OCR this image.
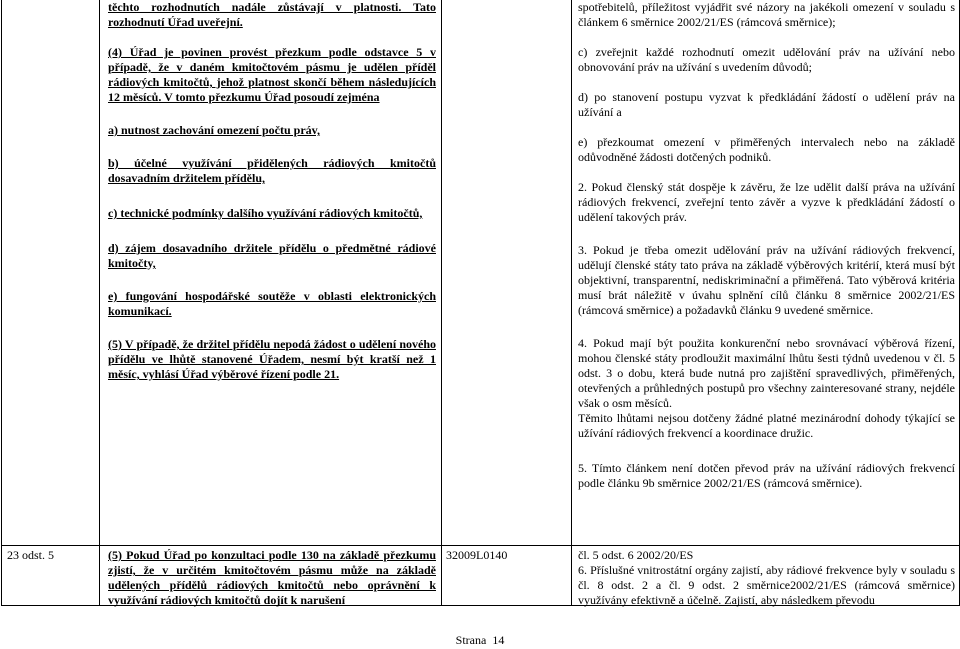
těchto rozhodnutích nadále zůstávají v platnosti. Tato rozhodnutí Úřad uveřejní.

(4) Úřad je povinen provést přezkum podle odstavce 5 v případě, že v daném kmitočtovém pásmu je udělen příděl rádiových kmitočtů, jehož platnost skončí během následujících 12 měsíců. V tomto přezkumu Úřad posoudí zejména

a) nutnost zachování omezení počtu práv,

b) účelné využívání přidělených rádiových kmitočtů dosavadním držitelem přídělu,

c) technické podmínky dalšího využívání rádiových kmitočtů,

d) zájem dosavadního držitele přídělu o předmětné rádiové kmitočty,

e) fungování hospodářské soutěže v oblasti elektronických komunikací.

(5) V případě, že držitel přídělu nepodá žádost o udělení nového přídělu ve lhůtě stanovené Úřadem, nesmí být kratší než 1 měsíc, vyhlásí Úřad výběrové řízení podle 21.

spotřebitelů, příležitost vyjádřit své názory na jakékoli omezení v souladu s článkem 6 směrnice 2002/21/ES (rámcová směrnice);

c) zveřejnit každé rozhodnutí omezit udělování práv na užívání nebo obnovování práv na užívání s uvedením důvodů;

d) po stanovení postupu vyzvat k předkládání žádostí o udělení práv na užívání a

e) přezkoumat omezení v přiměřených intervalech nebo na základě odůvodněné žádosti dotčených podniků.

2. Pokud členský stát dospěje k závěru, že lze udělit další práva na užívání rádiových frekvencí, zveřejní tento závěr a vyzve k předkládání žádostí o udělení takových práv.

3. Pokud je třeba omezit udělování práv na užívání rádiových frekvencí, udělují členské státy tato práva na základě výběrových kritérií, která musí být objektivní, transparentní, nediskriminační a přiměřená. Tato výběrová kritéria musí brát náležitě v úvahu splnění cílů článku 8 směrnice 2002/21/ES (rámcová směrnice) a požadavků článku 9 uvedené směrnice.

4. Pokud mají být použita konkurenční nebo srovnávací výběrová řízení, mohou členské státy prodloužit maximální lhůtu šesti týdnů uvedenou v čl. 5 odst. 3 o dobu, která bude nutná pro zajištění spravedlivých, přiměřených, otevřených a průhledných postupů pro všechny zainteresované strany, nejdéle však o osm měsíců.

Těmito lhůtami nejsou dotčeny žádné platné mezinárodní dohody týkající se užívání rádiových frekvencí a koordinace družic.

5. Tímto článkem není dotčen převod práv na užívání rádiových frekvencí podle článku 9b směrnice 2002/21/ES (rámcová směrnice).

23 odst. 5	(5) Pokud Úřad po konzultaci podle 130 na základě přezkumu zjistí, že v určitém kmitočtovém pásmu může na základě udělených přídělů rádiových kmitočtů nebo oprávnění k využívání rádiových kmitočtů dojít k narušení

32009L0140	čl. 5 odst. 6 2002/20/ES

6. Příslušné vnitrostátní orgány zajistí, aby rádiové frekvence byly v souladu s čl. 8 odst. 2 a čl. 9 odst. 2 směrnice2002/21/ES (rámcová směrnice) využívány efektivně a účelně. Zajistí, aby následkem převodu

Strana  14
